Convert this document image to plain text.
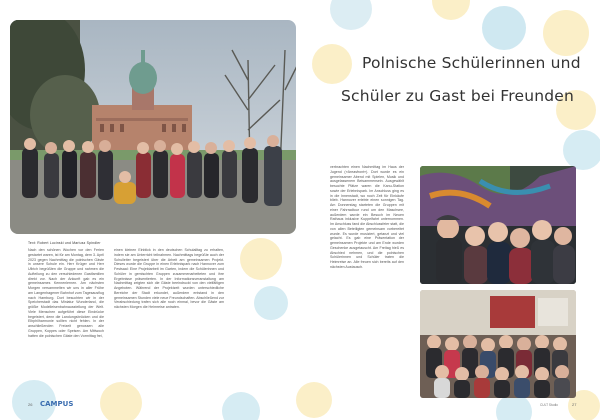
Polnische Schülerinnen und
Schüler zu Gast bei Freunden
Text: Robert Lucinski und Mariusz Spindler
Nach den schönen Wochen vor den Ferien gestartet waren, ist für am Montag, dem 3. April 2023 gegen Nachmittag die polnischen Gäste in unsere Schule ein. Herr Krüger und Herr Ullrich begrüßten die Gruppe und nahmen die Aufteilung zu den verschiedenen Gastfamilien direkt vor. Nach der Ankunft gab es ein gemeinsames Kennenlernen. Am nächsten Morgen versammelten wir uns in aller Frühe am Langenhagener Bahnhof zum Tagesausflug nach Hamburg. Dort besuchten wir in der Speicherstadt das Miniatur Wunderland, die größte Modelleisenbahnausstellung der Welt. Viele Menschen aufgeführt diese Eindrücke begeistert, denn die Landungsbrücken und die Elbphilharmonie sollten nicht fehlen. In der anschließenden Freizeit genossen alle Gruppen, Koppes oder Speisen. Am Mittwoch hatten die polnischen Gäste den Vormittag frei,
einen kleinen Einblick in den deutschen Schulalltag zu erhalten, indem sie am Unterricht teilnahmen. Nachmittags begrüßte auch der Schulleiter begeistert über die Arbeit am gemeinsamen Projekt. Dieses wurde die Gruppe in einen Erlebnispark nach Hannover zum Festsaal: Eine Projektarbeit im Garten, indem die Schülerinnen und Schüler in gemischten Gruppen zusammenarbeiteten und ihre Ergebnisse präsentierten. In der Informationsveranstaltung am Nachmittag zeigten sich die Gäste beeindruckt von den vielfältigen Angeboten. Während der Projektzeit wurden unterschiedliche Bereiche der Stadt erkundet, außerdem entstand in den gemeinsamen Stunden viele neue Freundschaften. Abschließend zur Verabschiedung trafen sich alle noch einmal, bevor die Gäste am nächsten Morgen die Heimreise antraten.
verbrachten einen Nachmittag im Haus der Jugend (»Areasfront«). Dort wurde es ein gemeinsamer Abend mit Spielen, Musik und ausgelassenem Beisammensein. Ausgewählt besuchte Plätze waren die Kanu-Station sowie der Erlebnispark. Im Anschluss ging es in die Innenstadt, wo noch Zeit für Einkäufe blieb. Hannover erlebte einen sonnigen Tag. Am Donnerstag starteten die Gruppen mit einer Fahrradtour rund um den Maschsee, außerdem wurde ein Besuch im Neuen Rathaus inklusive Kuppelfahrt unternommen. Im Anschluss fand die Abschlussfeier statt, die von allen Beteiligten gemeinsam vorbereitet wurde. Es wurde musiziert, getanzt und viel gelacht. Es gab eine Präsentation der gemeinsamen Projekte und am Ende wurden Geschenke ausgetauscht. Am Freitag hieß es Abschied nehmen, und die polnischen Schülerinnen und Schüler traten die Heimreise an. Alle freuen sich bereits auf den nächsten Austausch.
26 CAMPUS	CULT Studio	27
